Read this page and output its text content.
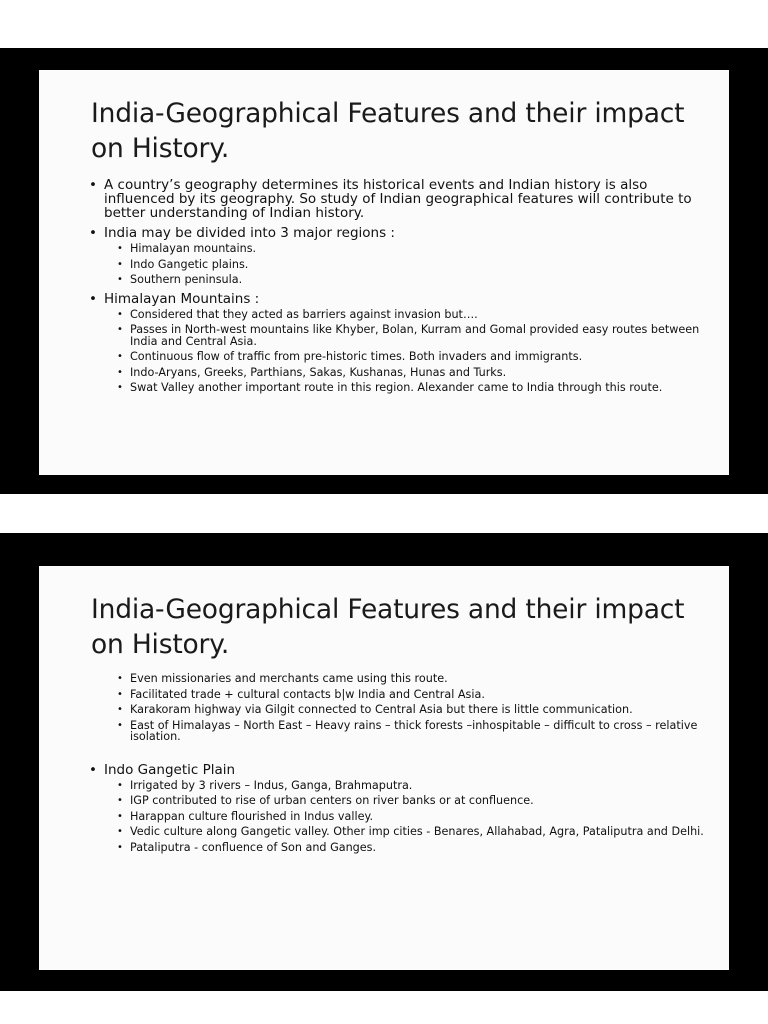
India-Geographical Features and their impact on History.
• A country’s geography determines its historical events and Indian history is also influenced by its geography. So study of Indian geographical features will contribute to better understanding of Indian history.
• India may be divided into 3 major regions :
• Himalayan mountains.
• Indo Gangetic plains.
• Southern peninsula.
• Himalayan Mountains :
• Considered that they acted as barriers against invasion but….
• Passes in North-west mountains like Khyber, Bolan, Kurram and Gomal provided easy routes between India and Central Asia.
• Continuous flow of traffic from pre-historic times. Both invaders and immigrants.
• Indo-Aryans, Greeks, Parthians, Sakas, Kushanas, Hunas and Turks.
• Swat Valley another important route in this region. Alexander came to India through this route.
India-Geographical Features and their impact on History.
• Even missionaries and merchants came using this route.
• Facilitated trade + cultural contacts b|w India and Central Asia.
• Karakoram highway via Gilgit connected to Central Asia but there is little communication.
• East of Himalayas – North East – Heavy rains – thick forests –inhospitable – difficult to cross – relative isolation.
• Indo Gangetic Plain
• Irrigated by 3 rivers – Indus, Ganga, Brahmaputra.
• IGP contributed to rise of urban centers on river banks or at confluence.
• Harappan culture flourished in Indus valley.
• Vedic culture along Gangetic valley. Other imp cities - Benares, Allahabad, Agra, Pataliputra and Delhi.
• Pataliputra - confluence of Son and Ganges.
